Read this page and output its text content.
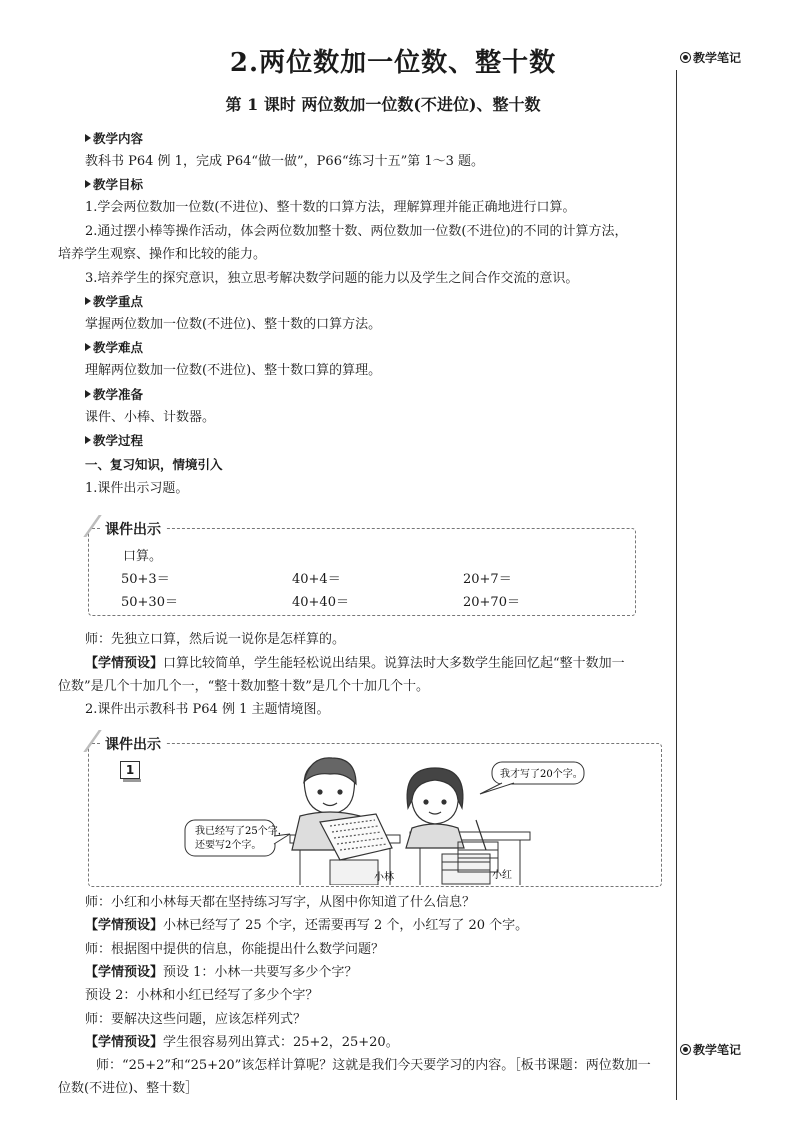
教学笔记
教学笔记
2.两位数加一位数、整十数
第 1 课时 两位数加一位数(不进位)、整十数
教学内容
教科书 P64 例 1，完成 P64“做一做”，P66“练习十五”第 1～3 题。
教学目标
1.学会两位数加一位数(不进位)、整十数的口算方法，理解算理并能正确地进行口算。
2.通过摆小棒等操作活动，体会两位数加整十数、两位数加一位数(不进位)的不同的计算方法，
培养学生观察、操作和比较的能力。
3.培养学生的探究意识，独立思考解决数学问题的能力以及学生之间合作交流的意识。
教学重点
掌握两位数加一位数(不进位)、整十数的口算方法。
教学难点
理解两位数加一位数(不进位)、整十数口算的算理。
教学准备
课件、小棒、计数器。
教学过程
一、复习知识，情境引入
1.课件出示习题。
课件出示
口算。
50+3＝	40+4＝	20+7＝
50+30＝	40+40＝	20+70＝
师：先独立口算，然后说一说你是怎样算的。
【学情预设】口算比较简单，学生能轻松说出结果。说算法时大多数学生能回忆起“整十数加一
位数”是几个十加几个一，“整十数加整十数”是几个十加几个十。
2.课件出示教科书 P64 例 1 主题情境图。
课件出示
1
我已经写了25个字，
还要写2个字。
我才写了20个字。
小林	小红
师：小红和小林每天都在坚持练习写字，从图中你知道了什么信息？
【学情预设】小林已经写了 25 个字，还需要再写 2 个，小红写了 20 个字。
师：根据图中提供的信息，你能提出什么数学问题？
【学情预设】预设 1：小林一共要写多少个字？
预设 2：小林和小红已经写了多少个字？
师：要解决这些问题，应该怎样列式？
【学情预设】学生很容易列出算式：25+2，25+20。
师：“25+2”和“25+20”该怎样计算呢？这就是我们今天要学习的内容。［板书课题：两位数加一
位数(不进位)、整十数］
